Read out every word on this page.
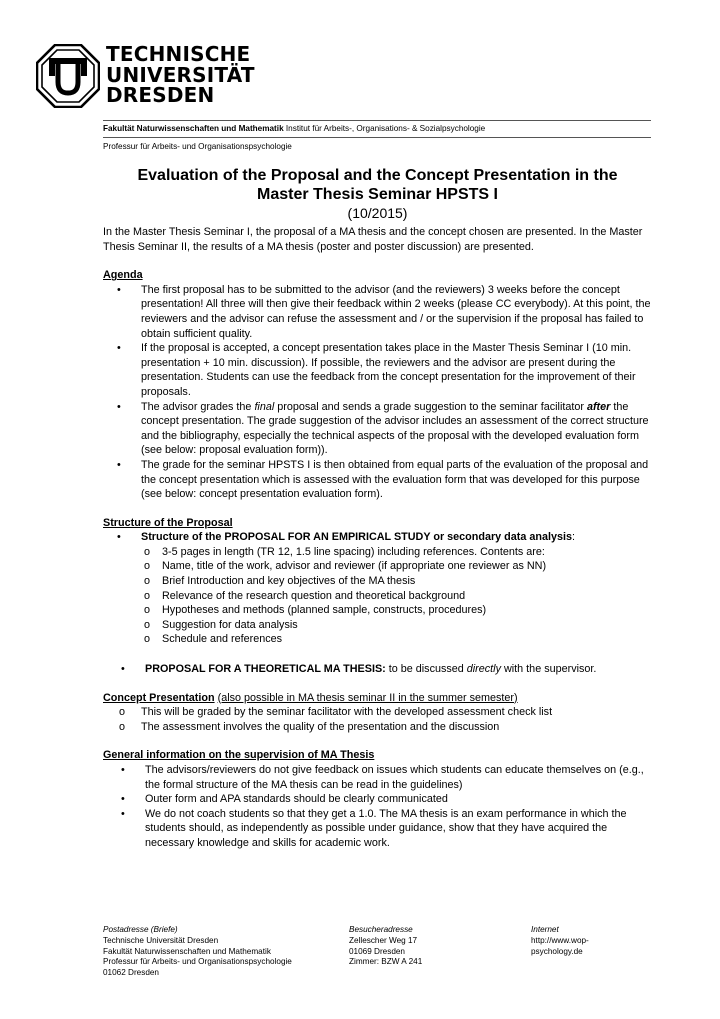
TECHNISCHE
UNIVERSITÄT
DRESDEN
Fakultät Naturwissenschaften und Mathematik Institut für Arbeits-, Organisations- & Sozialpsychologie
Professur für Arbeits- und Organisationspsychologie

Evaluation of the Proposal and the Concept Presentation in the

Master Thesis Seminar HPSTS I

(10/2015)

In the Master Thesis Seminar I, the proposal of a MA thesis and the concept chosen are presented. In the Master Thesis Seminar II, the results of a MA thesis (poster and poster discussion) are presented.

Agenda

• The first proposal has to be submitted to the advisor (and the reviewers) 3 weeks before the concept presentation! All three will then give their feedback within 2 weeks (please CC everybody). At this point, the reviewers and the advisor can refuse the assessment and / or the supervision if the proposal has failed to obtain sufficient quality.
• If the proposal is accepted, a concept presentation takes place in the Master Thesis Seminar I (10 min. presentation + 10 min. discussion). If possible, the reviewers and the advisor are present during the presentation. Students can use the feedback from the concept presentation for the improvement of their proposals.
• The advisor grades the final proposal and sends a grade suggestion to the seminar facilitator after the concept presentation. The grade suggestion of the advisor includes an assessment of the correct structure and the bibliography, especially the technical aspects of the proposal with the developed evaluation form (see below: proposal evaluation form)).
• The grade for the seminar HPSTS I is then obtained from equal parts of the evaluation of the proposal and the concept presentation which is assessed with the evaluation form that was developed for this purpose (see below: concept presentation evaluation form).

Structure of the Proposal

• Structure of the PROPOSAL FOR AN EMPIRICAL STUDY or secondary data analysis:
o 3-5 pages in length (TR 12, 1.5 line spacing) including references. Contents are:
o Name, title of the work, advisor and reviewer (if appropriate one reviewer as NN)
o Brief Introduction and key objectives of the MA thesis
o Relevance of the research question and theoretical background
o Hypotheses and methods (planned sample, constructs, procedures)
o Suggestion for data analysis
o Schedule and references
• PROPOSAL FOR A THEORETICAL MA THESIS: to be discussed directly with the supervisor.

Concept Presentation (also possible in MA thesis seminar II in the summer semester)

o This will be graded by the seminar facilitator with the developed assessment check list
o The assessment involves the quality of the presentation and the discussion

General information on the supervision of MA Thesis

• The advisors/reviewers do not give feedback on issues which students can educate themselves on (e.g., the formal structure of the MA thesis can be read in the guidelines)
• Outer form and APA standards should be clearly communicated
• We do not coach students so that they get a 1.0. The MA thesis is an exam performance in which the students should, as independently as possible under guidance, show that they have acquired the necessary knowledge and skills for academic work.
Postadresse (Briefe)
Technische Universität Dresden
Fakultät Naturwissenschaften und Mathematik
Professur für Arbeits- und Organisationspsychologie
01062 Dresden
Besucheradresse
Zellescher Weg 17
01069 Dresden
Zimmer: BZW A 241
Internet
http://www.wop-
psychology.de
